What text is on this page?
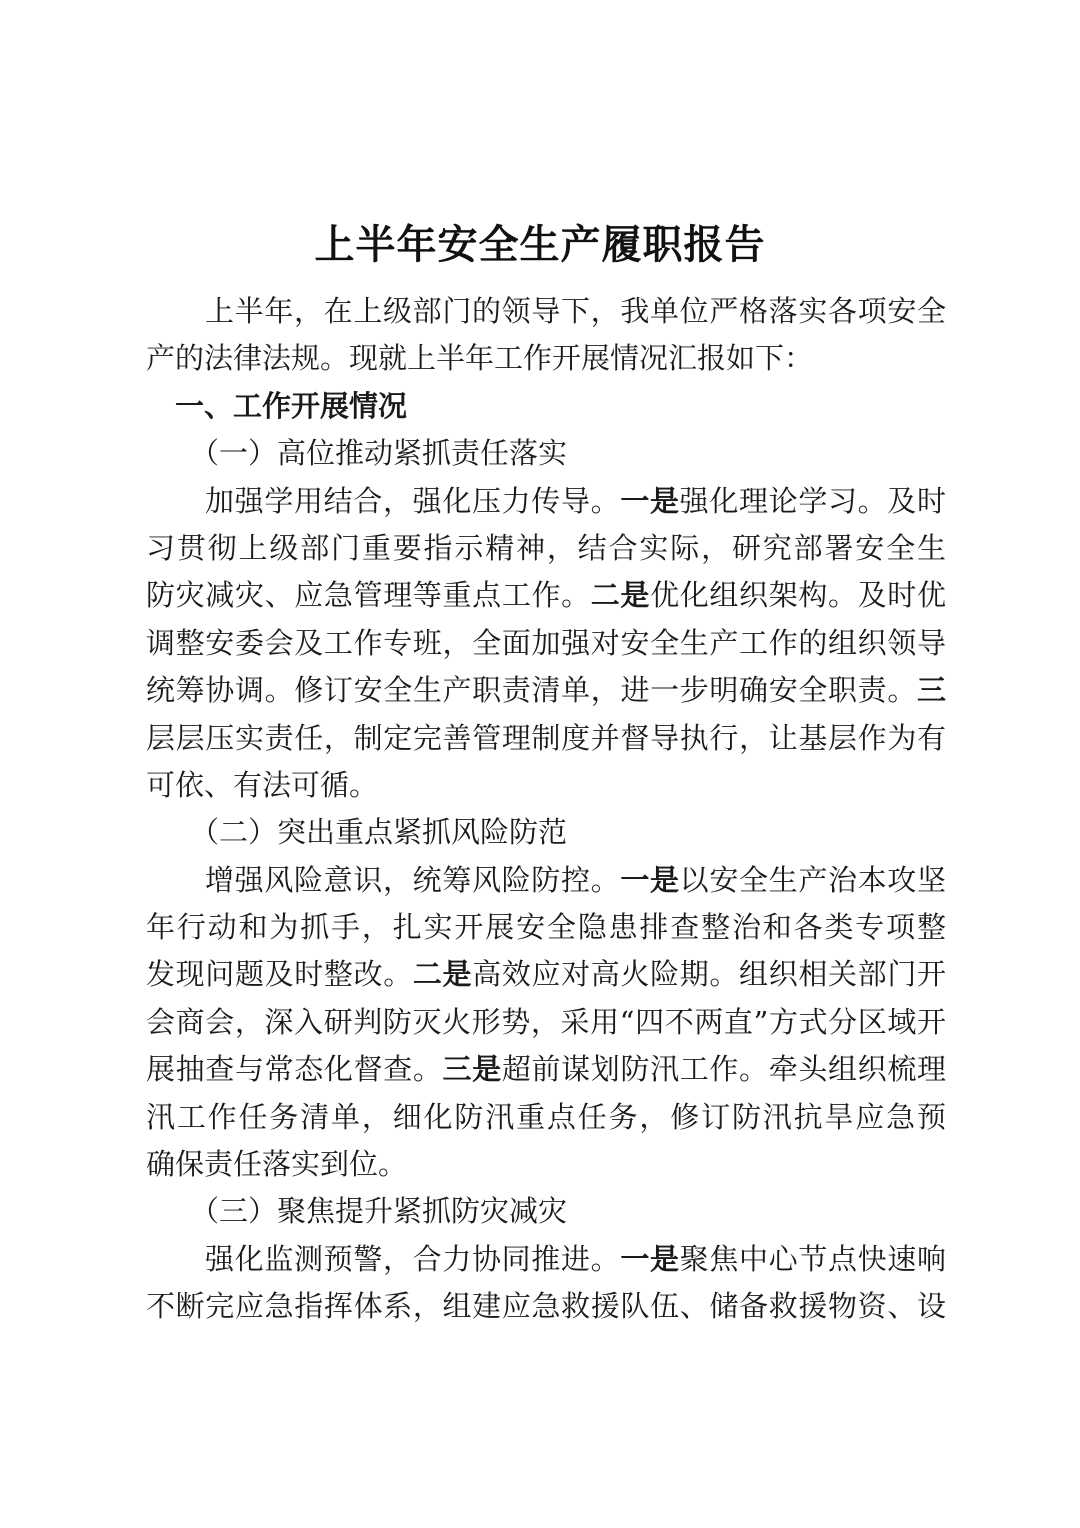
上半年安全生产履职报告
上半年，在上级部门的领导下，我单位严格落实各项安全
产的法律法规。现就上半年工作开展情况汇报如下：
一、工作开展情况
（一）高位推动紧抓责任落实
加强学用结合，强化压力传导。一是强化理论学习。及时
习贯彻上级部门重要指示精神，结合实际，研究部署安全生
防灾减灾、应急管理等重点工作。二是优化组织架构。及时优
调整安委会及工作专班，全面加强对安全生产工作的组织领导
统筹协调。修订安全生产职责清单，进一步明确安全职责。三
层层压实责任，制定完善管理制度并督导执行，让基层作为有
可依、有法可循。
（二）突出重点紧抓风险防范
增强风险意识，统筹风险防控。一是以安全生产治本攻坚
年行动和为抓手，扎实开展安全隐患排查整治和各类专项整
发现问题及时整改。二是高效应对高火险期。组织相关部门开
会商会，深入研判防灭火形势，采用“四不两直”方式分区域开
展抽查与常态化督查。三是超前谋划防汛工作。牵头组织梳理
汛工作任务清单，细化防汛重点任务，修订防汛抗旱应急预
确保责任落实到位。
（三）聚焦提升紧抓防灾减灾
强化监测预警，合力协同推进。一是聚焦中心节点快速响
不断完应急指挥体系，组建应急救援队伍、储备救援物资、设
